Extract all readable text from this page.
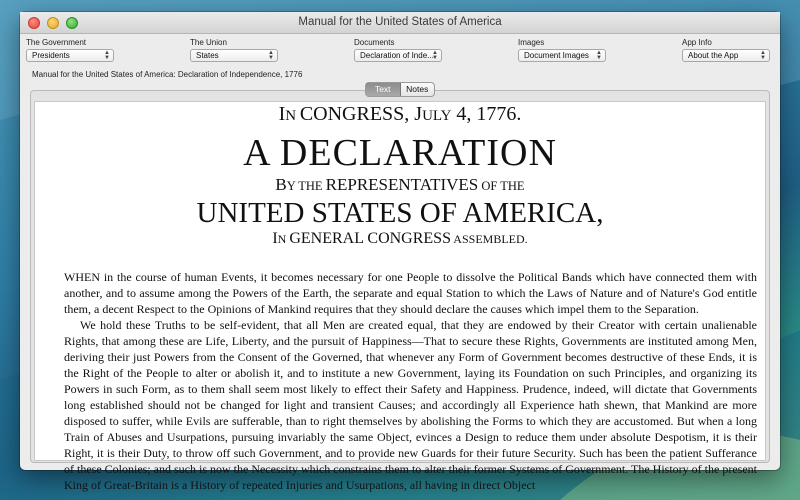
Manual for the United States of America
The Government
Presidents	▲
▼
The Union
States	▲
▼
Documents
Declaration of Inde...
▲
▼
Images
Document Images ▲
▼
App Info
About the App	▲
▼
Manual for the United States of America: Declaration of Independence, 1776
Text	Notes
IN CONGRESS, JULY 4, 1776.
A DECLARATION
BY THE REPRESENTATIVES OF THE
UNITED STATES OF AMERICA,
IN GENERAL CONGRESS ASSEMBLED.

WHEN in the course of human Events, it becomes necessary for one People to dissolve the Political Bands which have connected them with another, and to assume among the Powers of the Earth, the separate and equal Station to which the Laws of Nature and of Nature's God entitle them, a decent Respect to the Opinions of Mankind requires that they should declare the causes which impel them to the Separation.

We hold these Truths to be self-evident, that all Men are created equal, that they are endowed by their Creator with certain unalienable Rights, that among these are Life, Liberty, and the pursuit of Happiness—That to secure these Rights, Governments are instituted among Men, deriving their just Powers from the Consent of the Governed, that whenever any Form of Government becomes destructive of these Ends, it is the Right of the People to alter or abolish it, and to institute a new Government, laying its Foundation on such Principles, and organizing its Powers in such Form, as to them shall seem most likely to effect their Safety and Happiness. Prudence, indeed, will dictate that Governments long established should not be changed for light and transient Causes; and accordingly all Experience hath shewn, that Mankind are more disposed to suffer, while Evils are sufferable, than to right themselves by abolishing the Forms to which they are accustomed. But when a long Train of Abuses and Usurpations, pursuing invariably the same Object, evinces a Design to reduce them under absolute Despotism, it is their Right, it is their Duty, to throw off such Government, and to provide new Guards for their future Security. Such has been the patient Sufferance of these Colonies; and such is now the Necessity which constrains them to alter their former Systems of Government. The History of the present King of Great-Britain is a History of repeated Injuries and Usurpations, all having in direct Object
